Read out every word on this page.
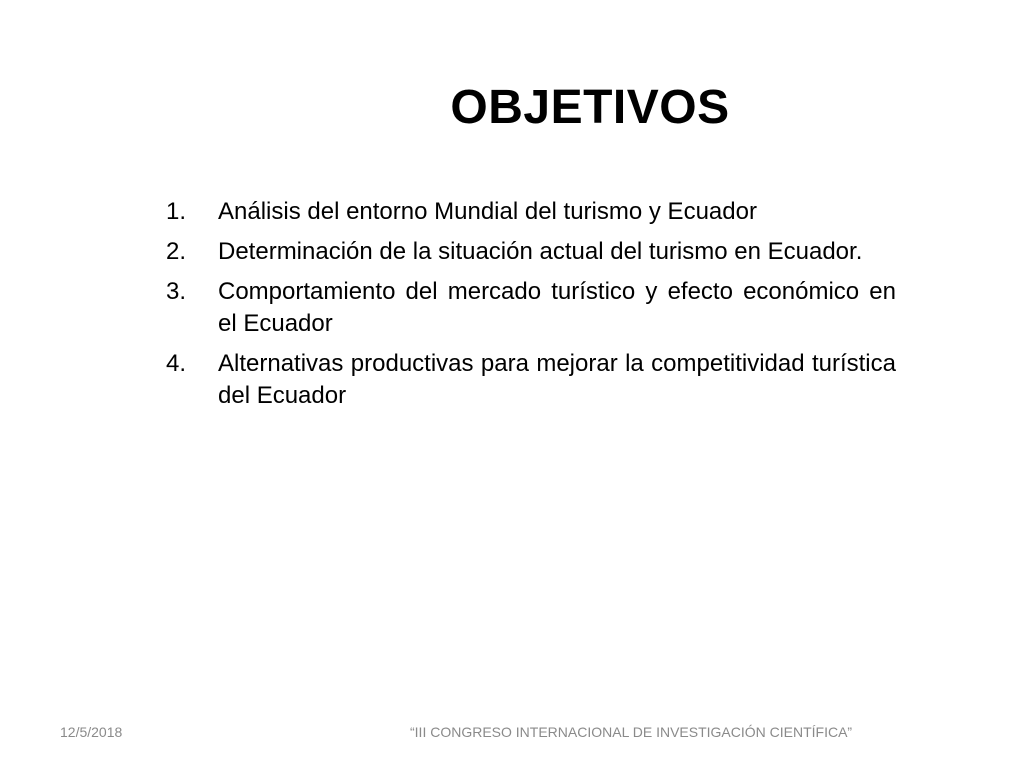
OBJETIVOS
1.	Análisis del entorno Mundial del turismo y Ecuador
2.	Determinación de la situación actual del turismo en Ecuador.
3.	Comportamiento del mercado turístico y efecto económico en el Ecuador
4.	Alternativas productivas para mejorar la competitividad turística del Ecuador
12/5/2018	“III CONGRESO INTERNACIONAL DE INVESTIGACIÓN CIENTÍFICA”
